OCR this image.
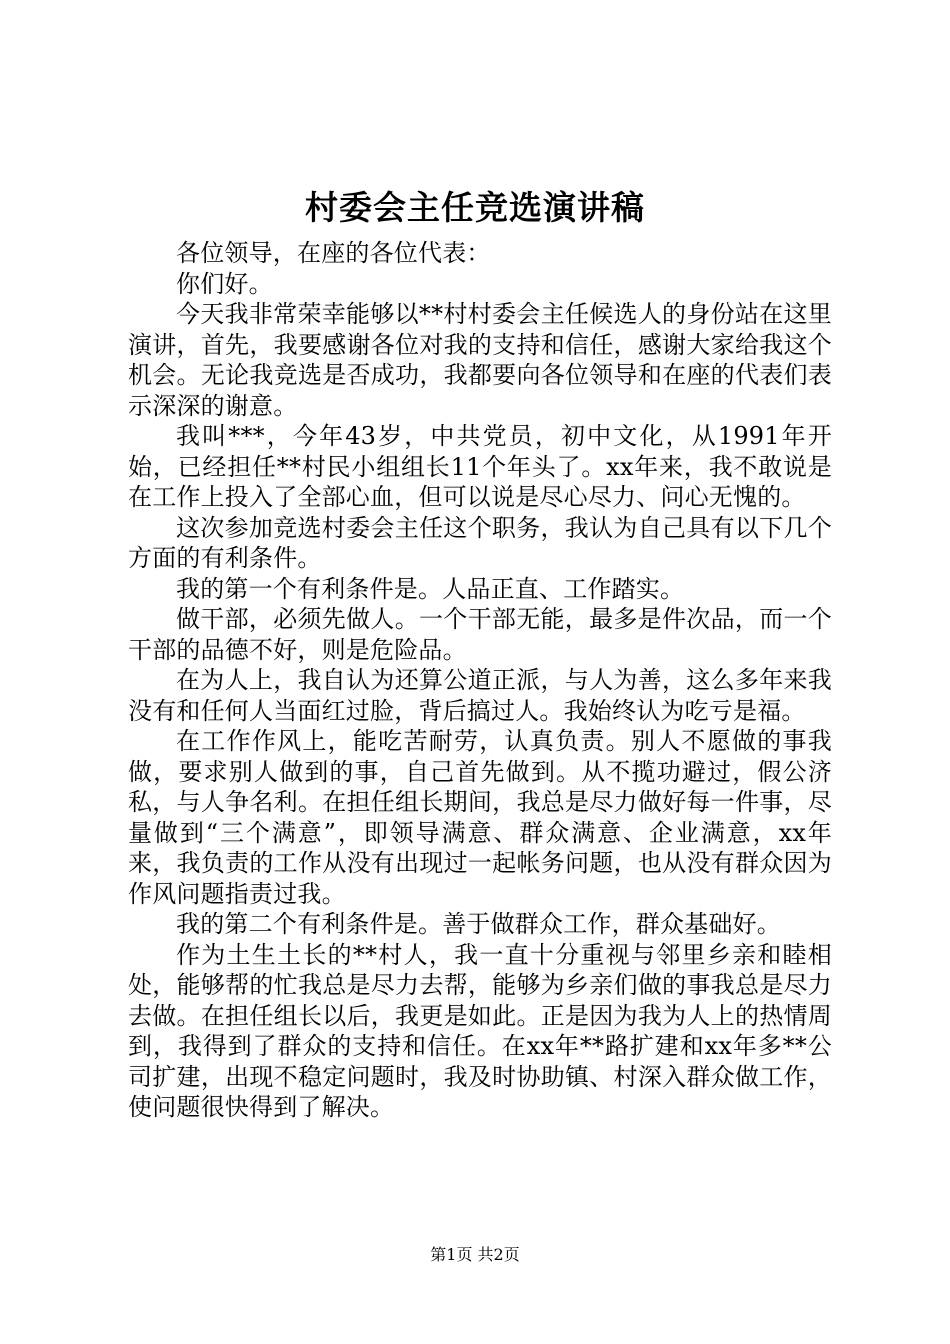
村委会主任竞选演讲稿

各位领导，在座的各位代表：

你们好。

今天我非常荣幸能够以**村村委会主任候选人的身份站在这里演讲，首先，我要感谢各位对我的支持和信任，感谢大家给我这个机会。无论我竞选是否成功，我都要向各位领导和在座的代表们表示深深的谢意。

我叫***，今年43岁，中共党员，初中文化，从1991年开始，已经担任**村民小组组长11个年头了。xx年来，我不敢说是在工作上投入了全部心血，但可以说是尽心尽力、问心无愧的。

这次参加竞选村委会主任这个职务，我认为自己具有以下几个方面的有利条件。

我的第一个有利条件是。人品正直、工作踏实。

做干部，必须先做人。一个干部无能，最多是件次品，而一个干部的品德不好，则是危险品。

在为人上，我自认为还算公道正派，与人为善，这么多年来我没有和任何人当面红过脸，背后搞过人。我始终认为吃亏是福。

在工作作风上，能吃苦耐劳，认真负责。别人不愿做的事我做，要求别人做到的事，自己首先做到。从不揽功避过，假公济私，与人争名利。在担任组长期间，我总是尽力做好每一件事，尽量做到“三个满意”，即领导满意、群众满意、企业满意，xx年来，我负责的工作从没有出现过一起帐务问题，也从没有群众因为作风问题指责过我。

我的第二个有利条件是。善于做群众工作，群众基础好。

作为土生土长的**村人，我一直十分重视与邻里乡亲和睦相处，能够帮的忙我总是尽力去帮，能够为乡亲们做的事我总是尽力去做。在担任组长以后，我更是如此。正是因为我为人上的热情周到，我得到了群众的支持和信任。在xx年**路扩建和xx年多**公司扩建，出现不稳定问题时，我及时协助镇、村深入群众做工作，使问题很快得到了解决。

第1页 共2页
